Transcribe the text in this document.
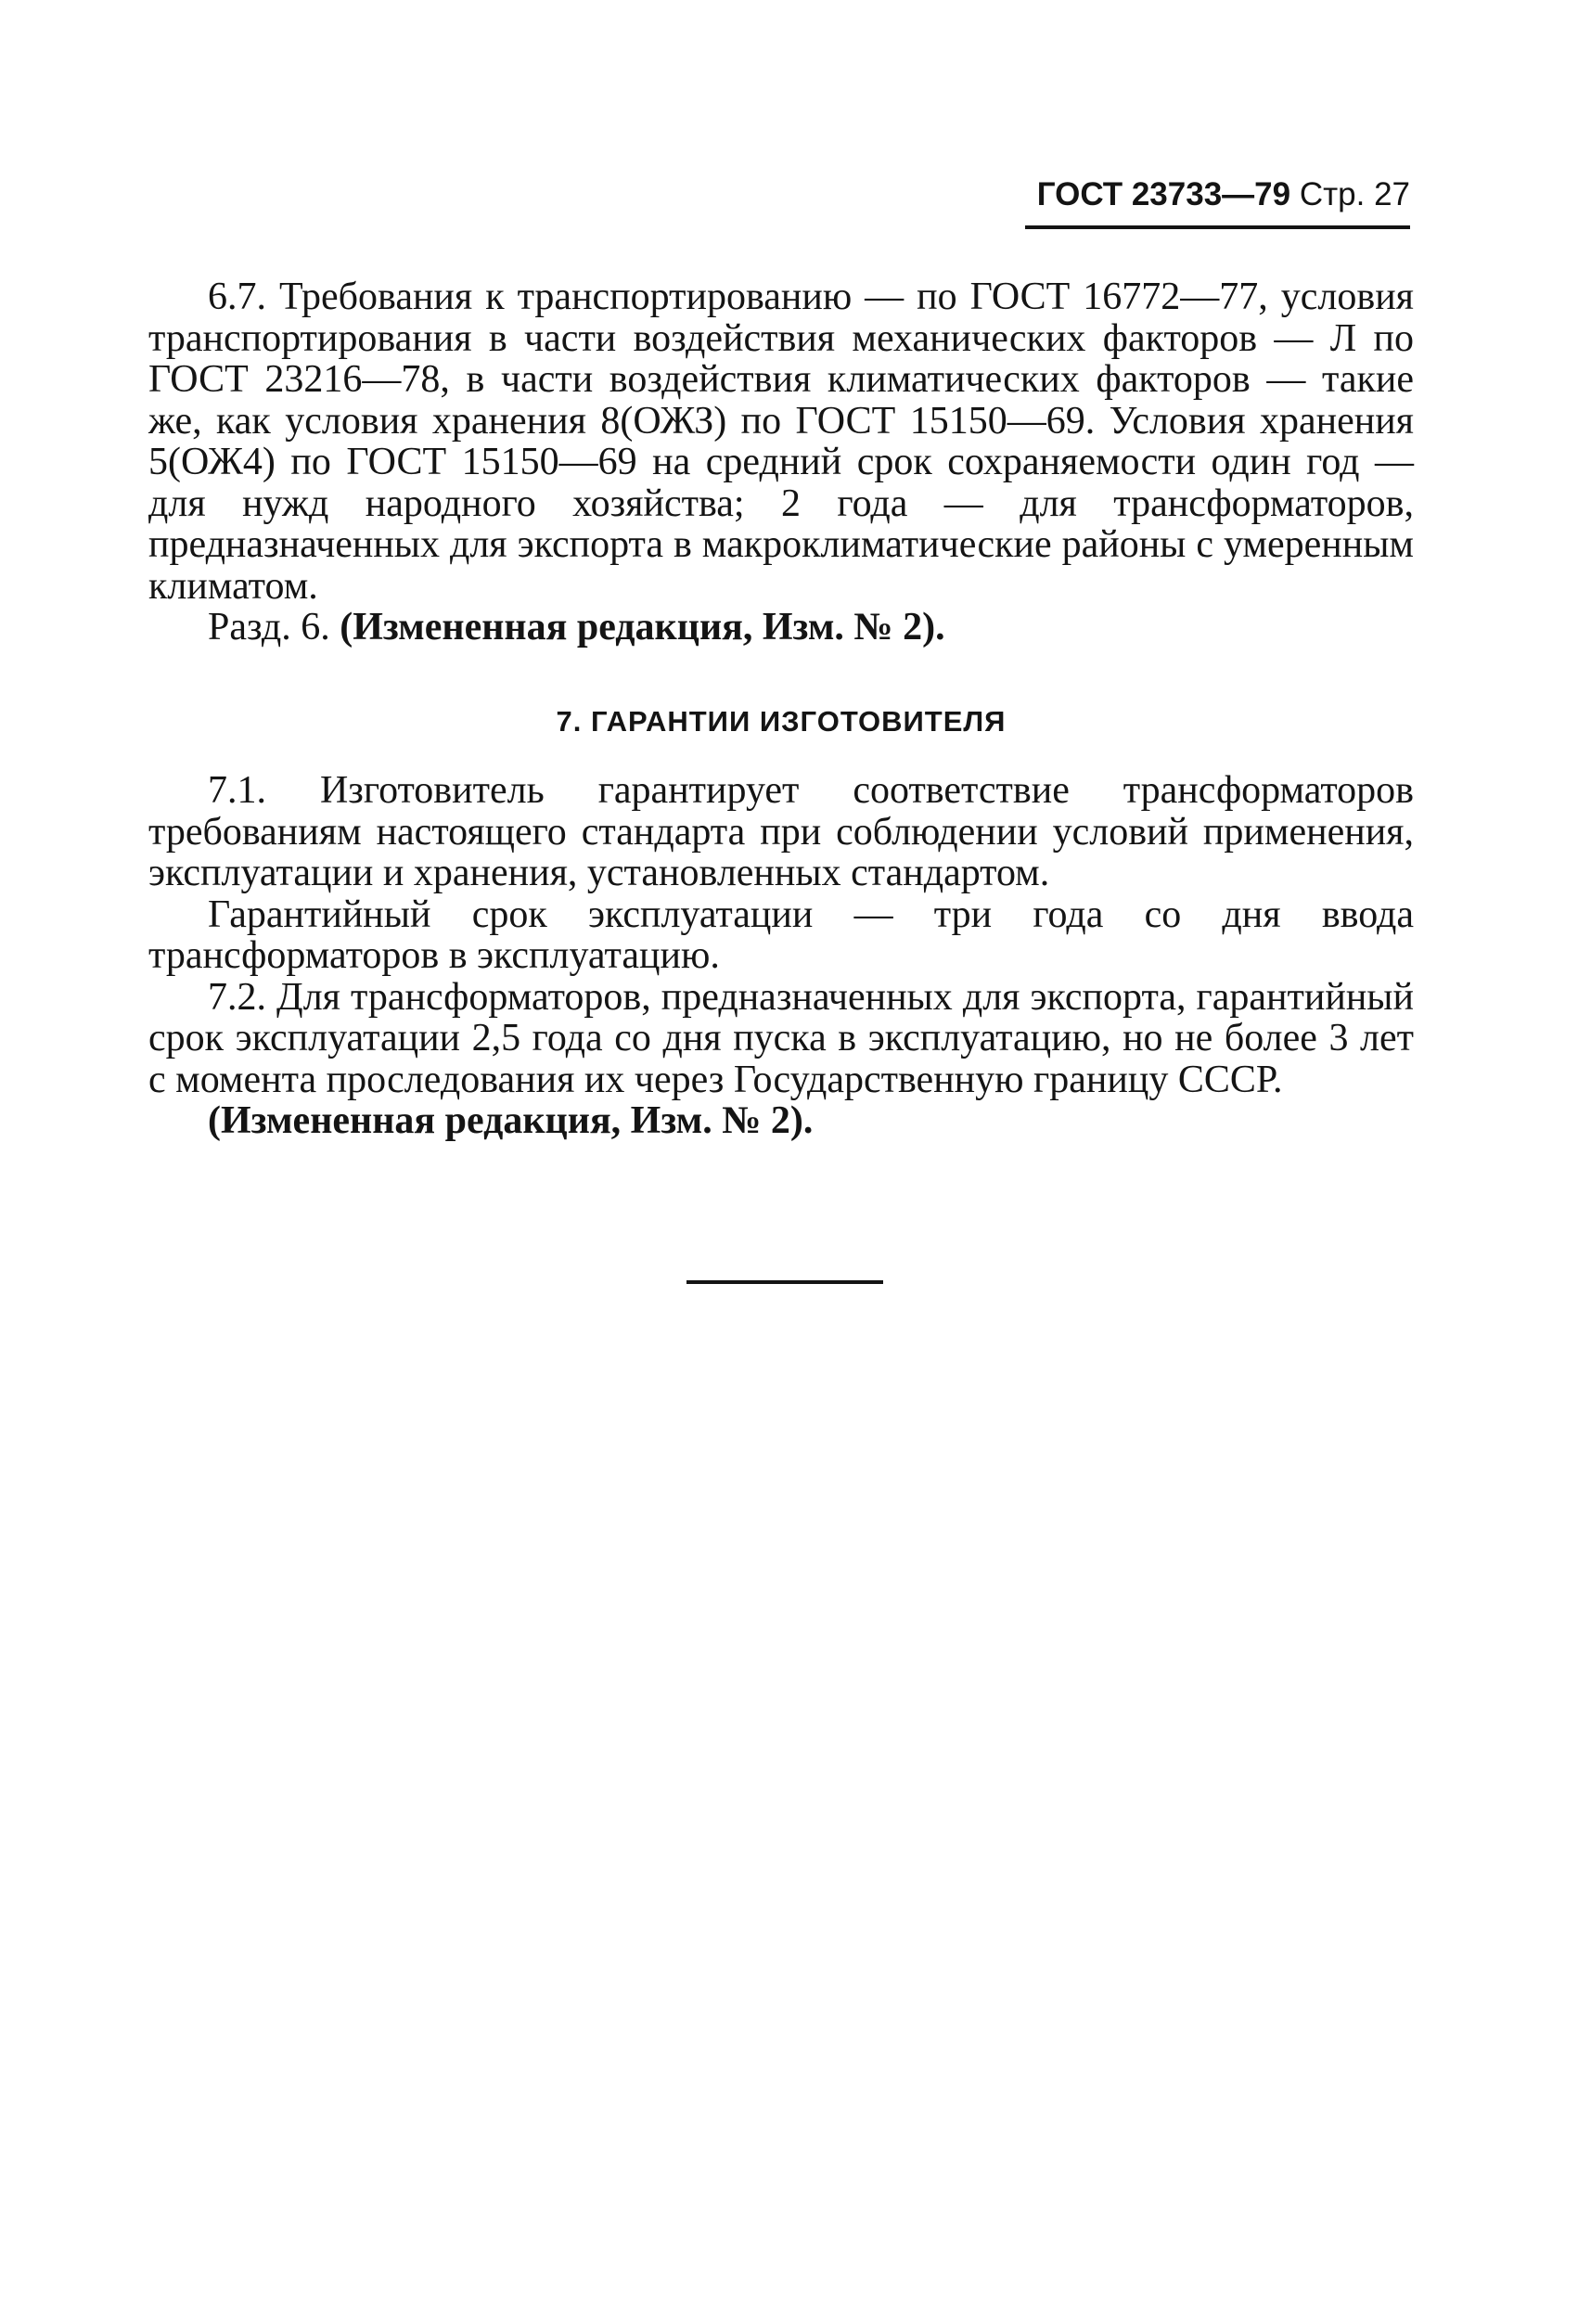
ГОСТ 23733—79 Стр. 27

6.7. Требования к транспортированию — по ГОСТ 16772—77, условия транспортирования в части воздействия механических факторов — Л по ГОСТ 23216—78, в части воздействия климатических факторов — такие же, как условия хранения 8(ОЖЗ) по ГОСТ 15150—69. Условия хранения 5(ОЖ4) по ГОСТ 15150—69 на средний срок сохраняемости один год — для нужд народного хозяйства; 2 года — для трансформаторов, предназначенных для экспорта в макроклиматические районы с умеренным климатом.

Разд. 6. (Измененная редакция, Изм. № 2).

7. ГАРАНТИИ ИЗГОТОВИТЕЛЯ

7.1. Изготовитель гарантирует соответствие трансформаторов требованиям настоящего стандарта при соблюдении условий применения, эксплуатации и хранения, установленных стандартом.

Гарантийный срок эксплуатации — три года со дня ввода трансформаторов в эксплуатацию.

7.2. Для трансформаторов, предназначенных для экспорта, гарантийный срок эксплуатации 2,5 года со дня пуска в эксплуатацию, но не более 3 лет с момента проследования их через Государственную границу СССР.

(Измененная редакция, Изм. № 2).
